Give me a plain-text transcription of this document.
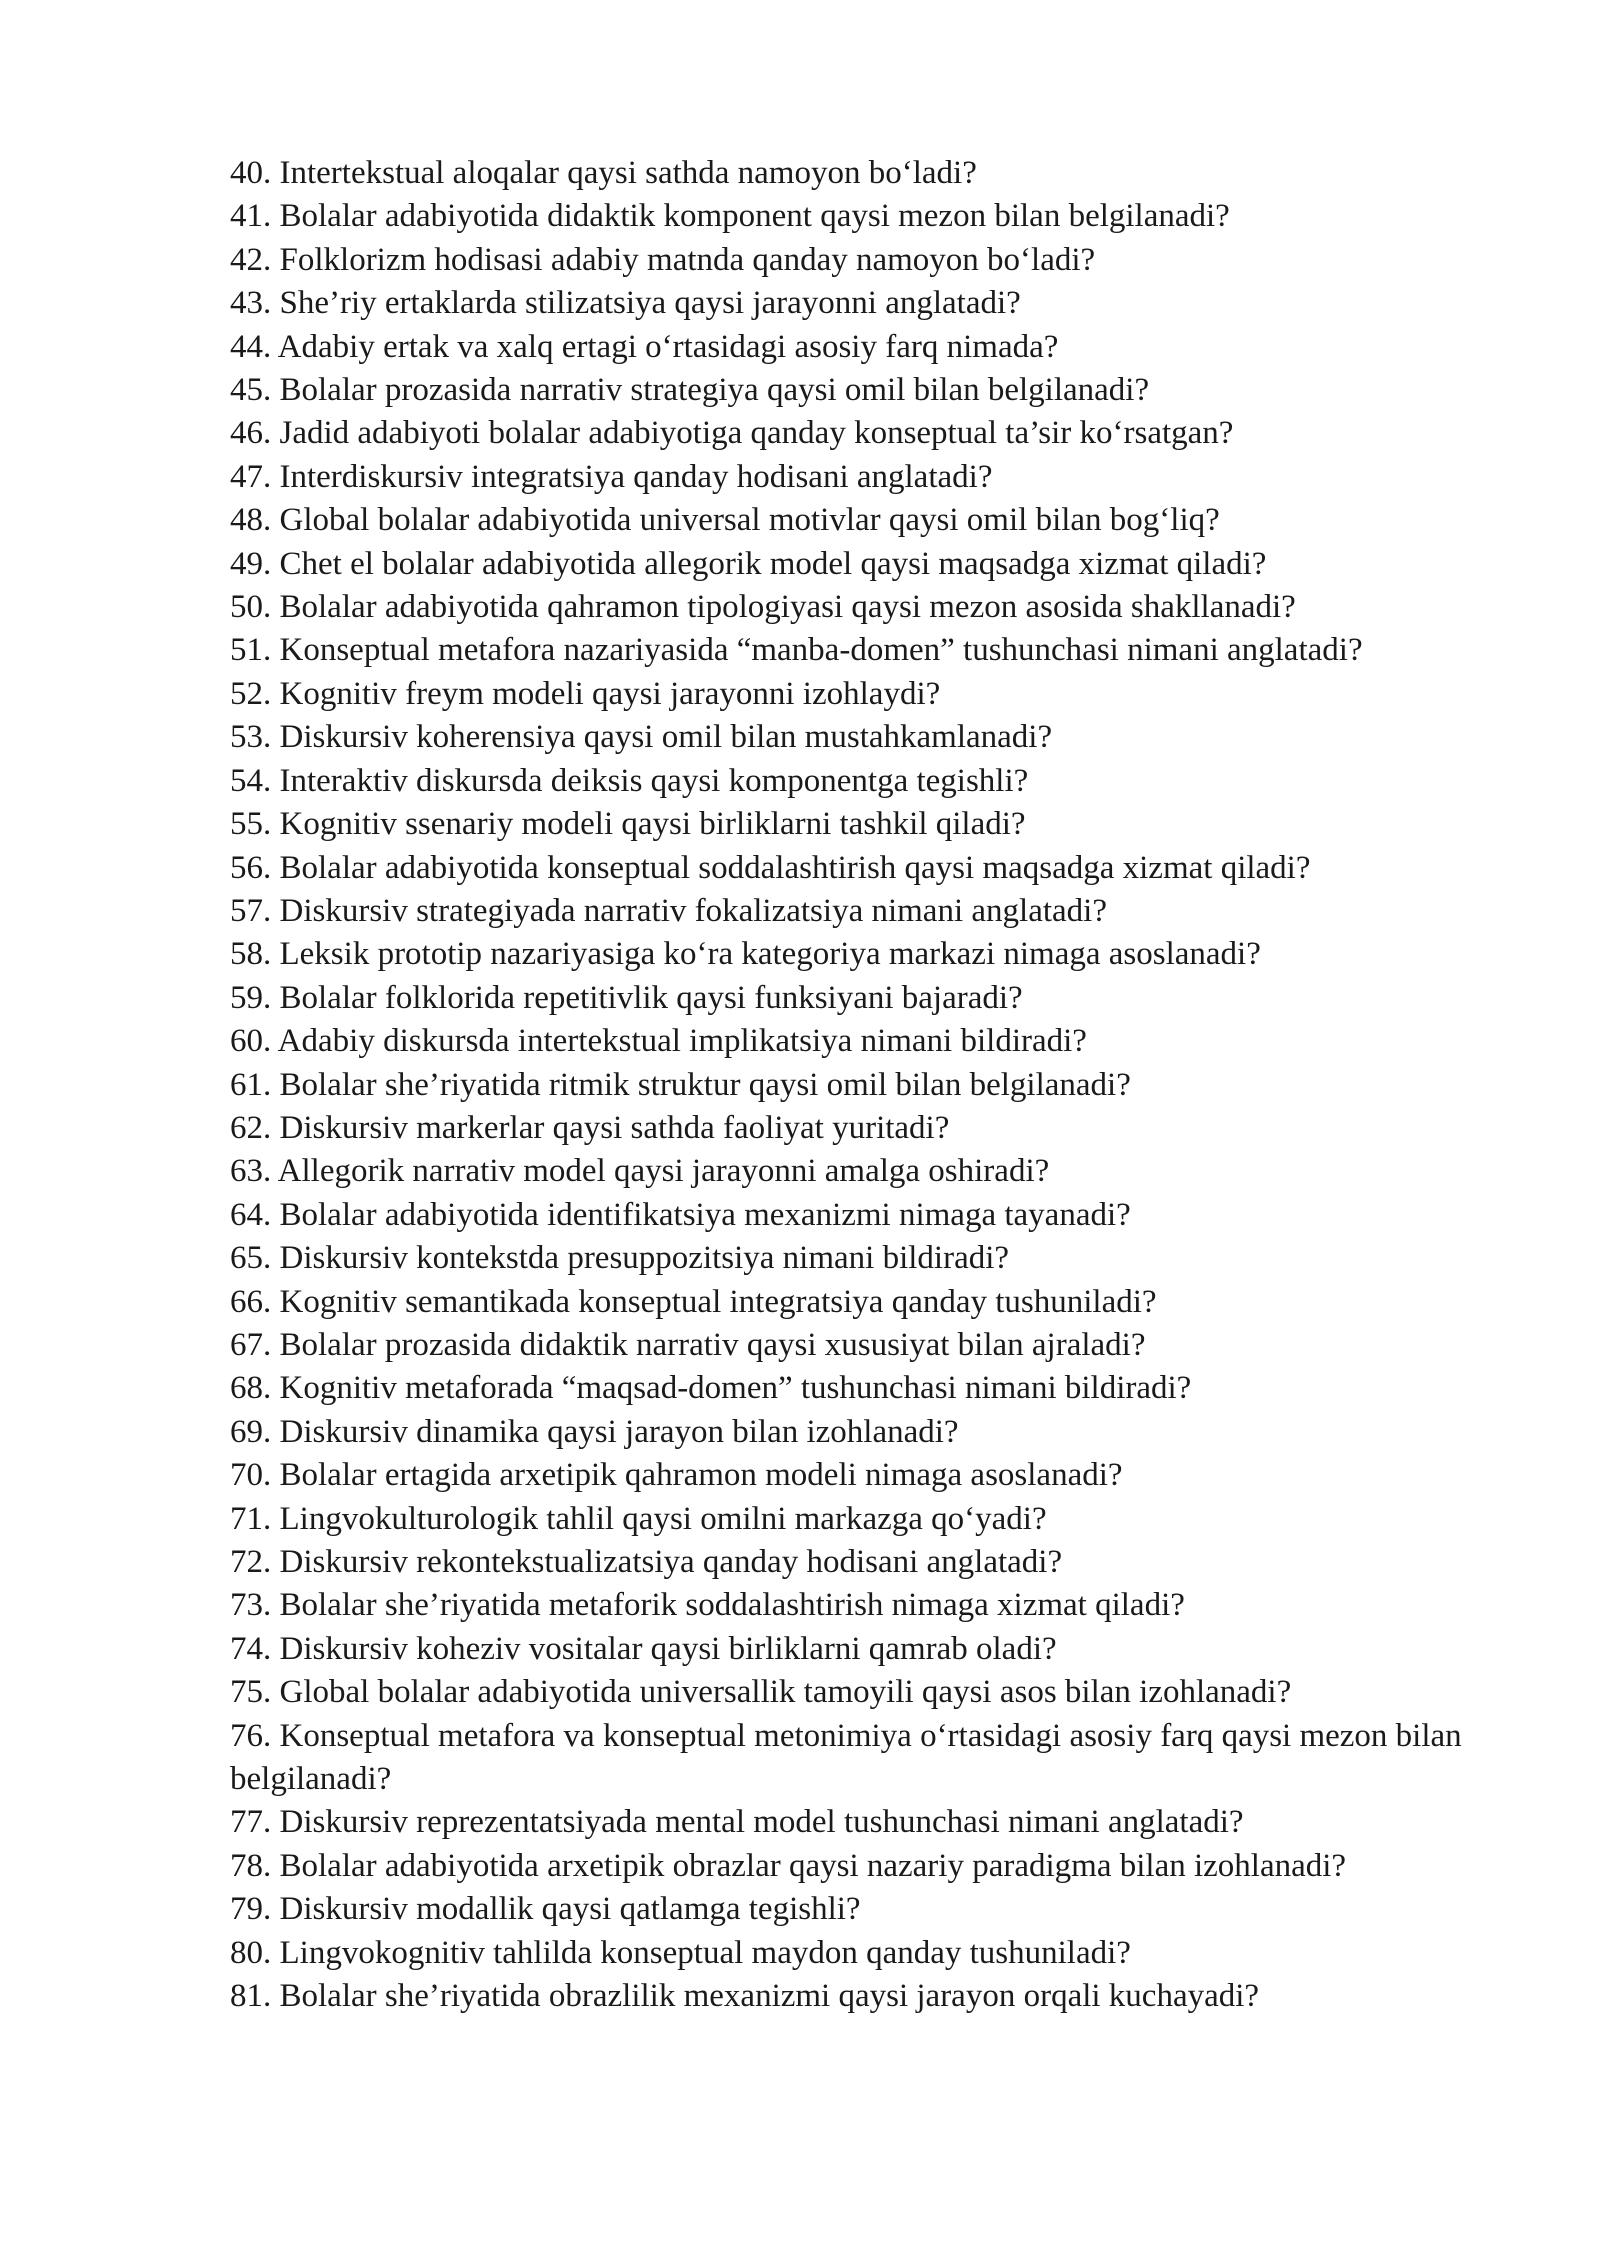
40. Intertekstual aloqalar qaysi sathda namoyon bo‘ladi?
41. Bolalar adabiyotida didaktik komponent qaysi mezon bilan belgilanadi?
42. Folklorizm hodisasi adabiy matnda qanday namoyon bo‘ladi?
43. She’riy ertaklarda stilizatsiya qaysi jarayonni anglatadi?
44. Adabiy ertak va xalq ertagi o‘rtasidagi asosiy farq nimada?
45. Bolalar prozasida narrativ strategiya qaysi omil bilan belgilanadi?
46. Jadid adabiyoti bolalar adabiyotiga qanday konseptual ta’sir ko‘rsatgan?
47. Interdiskursiv integratsiya qanday hodisani anglatadi?
48. Global bolalar adabiyotida universal motivlar qaysi omil bilan bog‘liq?
49. Chet el bolalar adabiyotida allegorik model qaysi maqsadga xizmat qiladi?
50. Bolalar adabiyotida qahramon tipologiyasi qaysi mezon asosida shakllanadi?
51. Konseptual metafora nazariyasida “manba-domen” tushunchasi nimani anglatadi?
52. Kognitiv freym modeli qaysi jarayonni izohlaydi?
53. Diskursiv koherensiya qaysi omil bilan mustahkamlanadi?
54. Interaktiv diskursda deiksis qaysi komponentga tegishli?
55. Kognitiv ssenariy modeli qaysi birliklarni tashkil qiladi?
56. Bolalar adabiyotida konseptual soddalashtirish qaysi maqsadga xizmat qiladi?
57. Diskursiv strategiyada narrativ fokalizatsiya nimani anglatadi?
58. Leksik prototip nazariyasiga ko‘ra kategoriya markazi nimaga asoslanadi?
59. Bolalar folklorida repetitivlik qaysi funksiyani bajaradi?
60. Adabiy diskursda intertekstual implikatsiya nimani bildiradi?
61. Bolalar she’riyatida ritmik struktur qaysi omil bilan belgilanadi?
62. Diskursiv markerlar qaysi sathda faoliyat yuritadi?
63. Allegorik narrativ model qaysi jarayonni amalga oshiradi?
64. Bolalar adabiyotida identifikatsiya mexanizmi nimaga tayanadi?
65. Diskursiv kontekstda presuppozitsiya nimani bildiradi?
66. Kognitiv semantikada konseptual integratsiya qanday tushuniladi?
67. Bolalar prozasida didaktik narrativ qaysi xususiyat bilan ajraladi?
68. Kognitiv metaforada “maqsad-domen” tushunchasi nimani bildiradi?
69. Diskursiv dinamika qaysi jarayon bilan izohlanadi?
70. Bolalar ertagida arxetipik qahramon modeli nimaga asoslanadi?
71. Lingvokulturologik tahlil qaysi omilni markazga qo‘yadi?
72. Diskursiv rekontekstualizatsiya qanday hodisani anglatadi?
73. Bolalar she’riyatida metaforik soddalashtirish nimaga xizmat qiladi?
74. Diskursiv koheziv vositalar qaysi birliklarni qamrab oladi?
75. Global bolalar adabiyotida universallik tamoyili qaysi asos bilan izohlanadi?
76. Konseptual metafora va konseptual metonimiya o‘rtasidagi asosiy farq qaysi mezon bilan belgilanadi?
77. Diskursiv reprezentatsiyada mental model tushunchasi nimani anglatadi?
78. Bolalar adabiyotida arxetipik obrazlar qaysi nazariy paradigma bilan izohlanadi?
79. Diskursiv modallik qaysi qatlamga tegishli?
80. Lingvokognitiv tahlilda konseptual maydon qanday tushuniladi?
81. Bolalar she’riyatida obrazlilik mexanizmi qaysi jarayon orqali kuchayadi?
